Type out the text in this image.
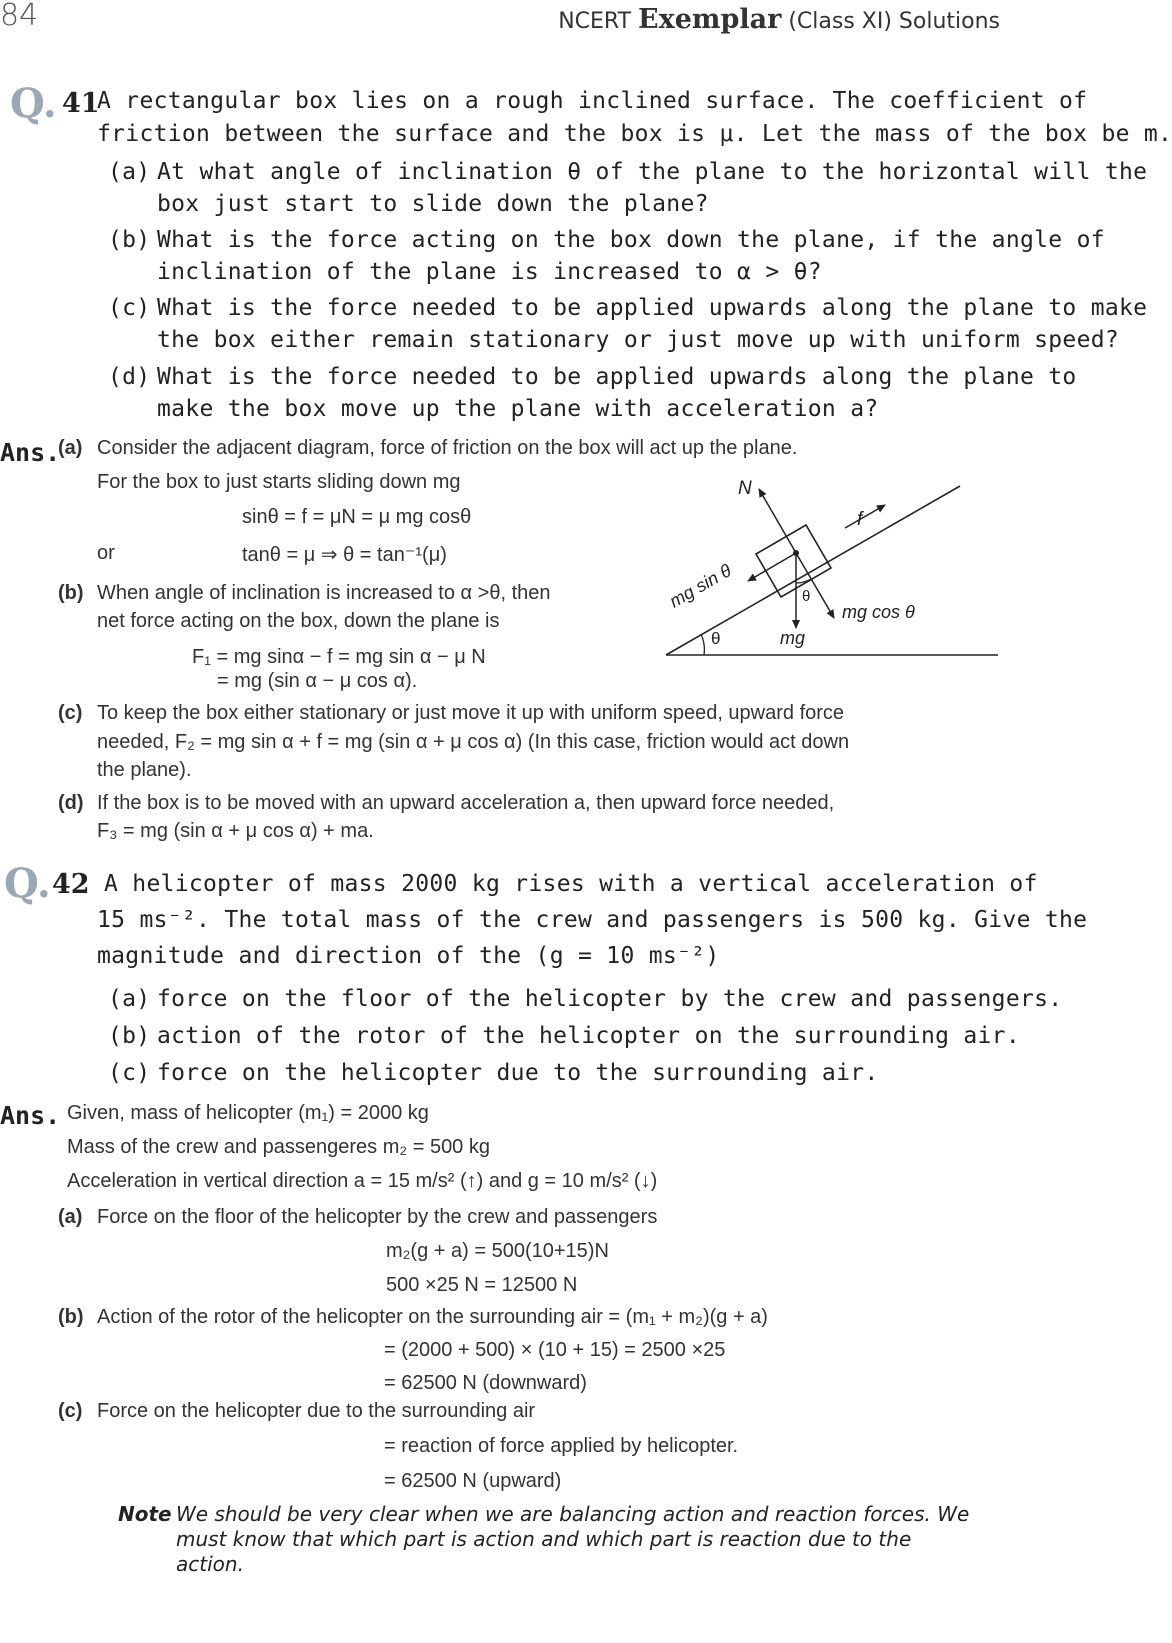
84	NCERT Exemplar (Class XI) Solutions
Q. 41
A rectangular box lies on a rough inclined surface. The coefficient of
friction between the surface and the box is μ. Let the mass of the box be m.
(a) At what angle of inclination θ of the plane to the horizontal will the
box just start to slide down the plane?
(b) What is the force acting on the box down the plane, if the angle of
inclination of the plane is increased to α > θ?
(c) What is the force needed to be applied upwards along the plane to make
the box either remain stationary or just move up with uniform speed?
(d) What is the force needed to be applied upwards along the plane to
make the box move up the plane with acceleration a?
Ans.
(a) Consider the adjacent diagram, force of friction on the box will act up the plane.
For the box to just starts sliding down mg
sinθ = f = μN = μ mg cosθ
or	tanθ = μ ⇒ θ = tan⁻¹(μ)
(b) When angle of inclination is increased to α >θ, then
net force acting on the box, down the plane is
F₁ = mg sinα − f = mg sin α − μ N
= mg (sin α − μ cos α).
(c) To keep the box either stationary or just move it up with uniform speed, upward force
needed, F₂ = mg sin α + f = mg (sin α + μ cos α) (In this case, friction would act down
the plane).
(d) If the box is to be moved with an upward acceleration a, then upward force needed,
F₃ = mg (sin α + μ cos α) + ma.
N
f
mg sin θ
mg cos θ
mg
θ
θ
Q. 42 A helicopter of mass 2000 kg rises with a vertical acceleration of
15 ms⁻². The total mass of the crew and passengers is 500 kg. Give the
magnitude and direction of the (g = 10 ms⁻²)
(a) force on the floor of the helicopter by the crew and passengers.
(b) action of the rotor of the helicopter on the surrounding air.
(c) force on the helicopter due to the surrounding air.
Ans. Given, mass of helicopter (m₁) = 2000 kg
Mass of the crew and passengeres m₂ = 500 kg
Acceleration in vertical direction a = 15 m/s² (↑) and g = 10 m/s² (↓)
(a) Force on the floor of the helicopter by the crew and passengers
m₂(g + a) = 500(10+15)N
500 ×25 N = 12500 N
(b) Action of the rotor of the helicopter on the surrounding air = (m₁ + m₂)(g + a)
= (2000 + 500) × (10 + 15) = 2500 ×25
= 62500 N (downward)
(c) Force on the helicopter due to the surrounding air
= reaction of force applied by helicopter.
= 62500 N (upward)
Note We should be very clear when we are balancing action and reaction forces. We
must know that which part is action and which part is reaction due to the
action.
